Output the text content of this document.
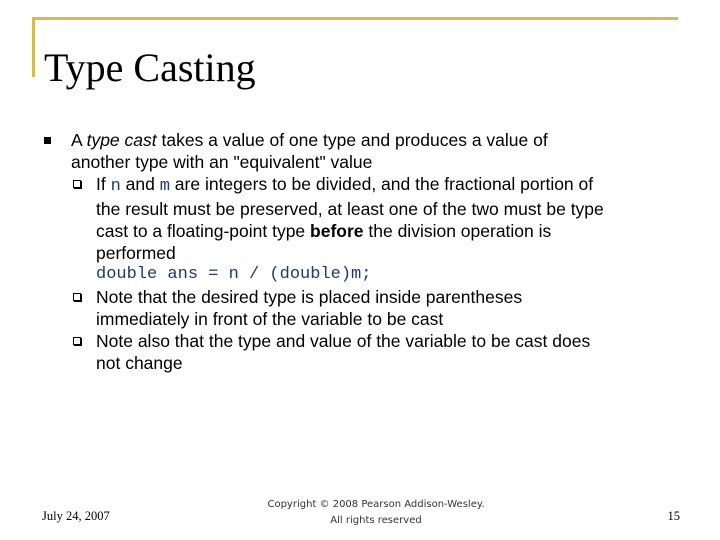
Type Casting
A type cast takes a value of one type and produces a value of
another type with an "equivalent" value
If n and m are integers to be divided, and the fractional portion of
the result must be preserved, at least one of the two must be type
cast to a floating-point type before the division operation is
performed
double ans = n / (double)m;
Note that the desired type is placed inside parentheses
immediately in front of the variable to be cast
Note also that the type and value of the variable to be cast does
not change
July 24, 2007
Copyright © 2008 Pearson Addison-Wesley.
All rights reserved	15
